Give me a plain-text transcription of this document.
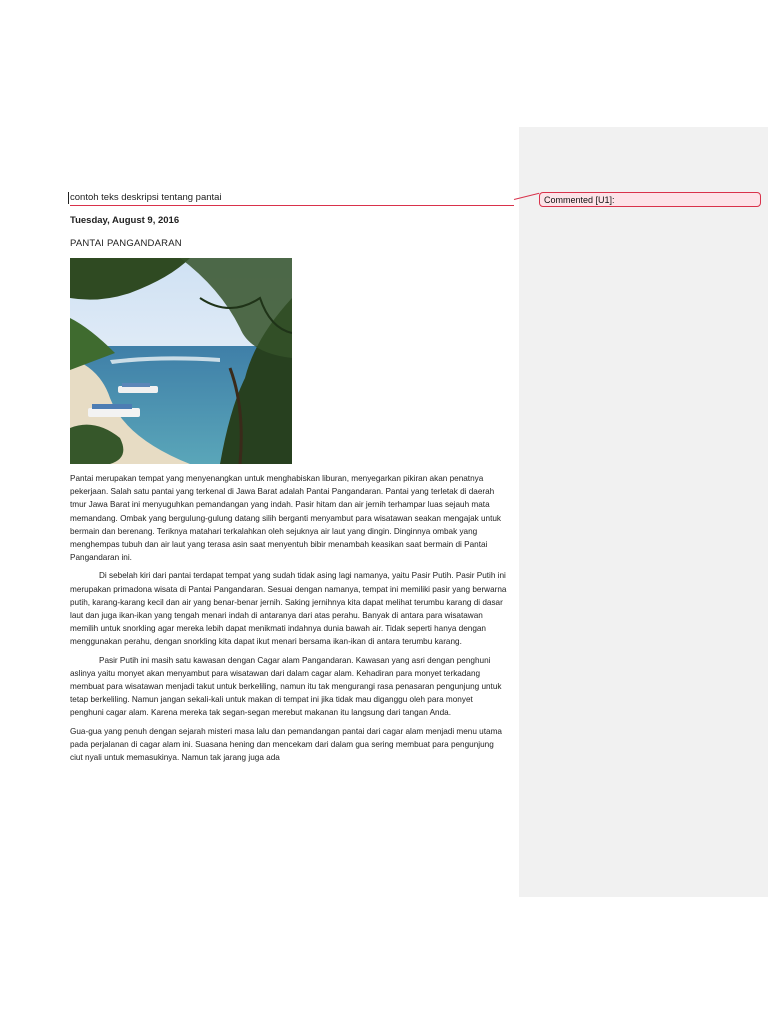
Commented [U1]:

contoh teks deskripsi tentang pantai

Tuesday, August 9, 2016

PANTAI PANGANDARAN

Pantai merupakan tempat yang menyenangkan untuk menghabiskan liburan, menyegarkan pikiran akan penatnya pekerjaan. Salah satu pantai yang terkenal di Jawa Barat adalah Pantai Pangandaran. Pantai yang terletak di daerah tmur Jawa Barat ini menyuguhkan pemandangan yang indah. Pasir hitam dan air jernih terhampar luas sejauh mata memandang. Ombak yang bergulung-gulung datang silih berganti menyambut para wisatawan seakan mengajak untuk bermain dan berenang. Teriknya matahari terkalahkan oleh sejuknya air laut yang dingin. Dinginnya ombak yang menghempas tubuh dan air laut yang terasa asin saat menyentuh bibir menambah keasikan saat bermain di Pantai Pangandaran ini.

Di sebelah kiri dari pantai terdapat tempat yang sudah tidak asing lagi namanya, yaitu Pasir Putih. Pasir Putih ini merupakan primadona wisata di Pantai Pangandaran. Sesuai dengan namanya, tempat ini memiliki pasir yang berwarna putih, karang-karang kecil dan air yang benar-benar jernih. Saking jernihnya kita dapat melihat terumbu karang di dasar laut dan juga ikan-ikan yang tengah menari indah di antaranya dari atas perahu. Banyak di antara para wisatawan memilih untuk snorkling agar mereka lebih dapat menikmati indahnya dunia bawah air. Tidak seperti hanya dengan menggunakan perahu, dengan snorkling kita dapat ikut menari bersama ikan-ikan di antara terumbu karang.

Pasir Putih ini masih satu kawasan dengan Cagar alam Pangandaran. Kawasan yang asri dengan penghuni aslinya yaitu monyet akan menyambut para wisatawan dari dalam cagar alam. Kehadiran para monyet terkadang membuat para wisatawan menjadi takut untuk berkeliling, namun itu tak mengurangi rasa penasaran pengunjung untuk tetap berkeliling. Namun jangan sekali-kali untuk makan di tempat ini jika tidak mau diganggu oleh para monyet penghuni cagar alam. Karena mereka tak segan-segan merebut makanan itu langsung dari tangan Anda.

Gua-gua yang penuh dengan sejarah misteri masa lalu dan pemandangan pantai dari cagar alam menjadi menu utama pada perjalanan di cagar alam ini. Suasana hening dan mencekam dari dalam gua sering membuat para pengunjung ciut nyali untuk memasukinya. Namun tak jarang juga ada
